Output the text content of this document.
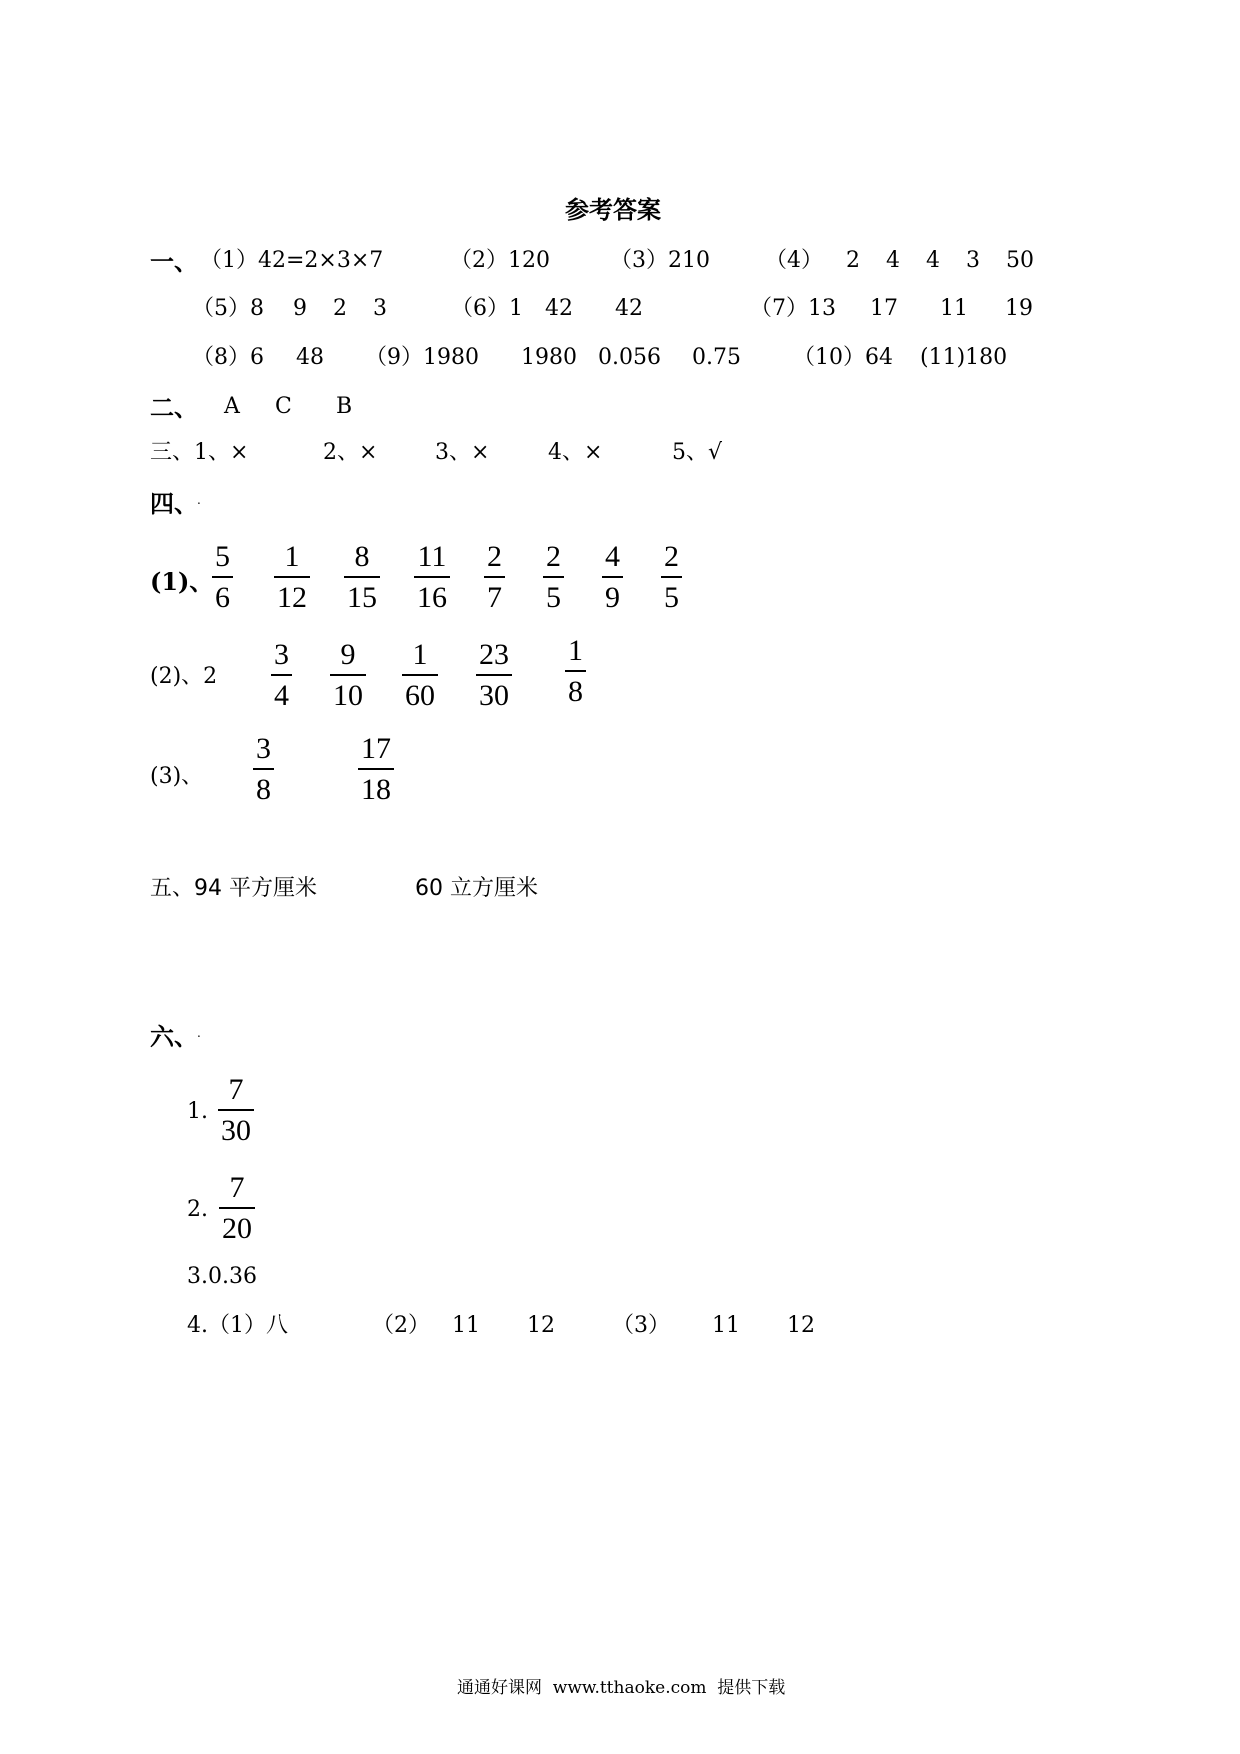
参考答案
一、 （1）42=2×3×7	（2）120	（3）210	（4） 2 4 4 3 50
（5）8 9 2 3	（6）1 42 42	（7）13 17 11 19
（8）6 48 （9）1980 1980 0.056 0.75 （10）64 (11)180
二、 A C B
三、1、×	2、×	3、×	4、×	5、√
四、 .
(1)、
5
6
1
12
8
15
11
16
2
7
2
5
4
9
2
5
(2)、2
3
4
9
10
1
60
23
30
1
8
(3)、
3
8
17
18
五、94 平方厘米	60 立方厘米
六、 .
1.
7
30
2.
7
20
3.0.36
4.（1）八	（2） 11 12	（3） 11 12
通通好课网  www.tthaoke.com  提供下载
